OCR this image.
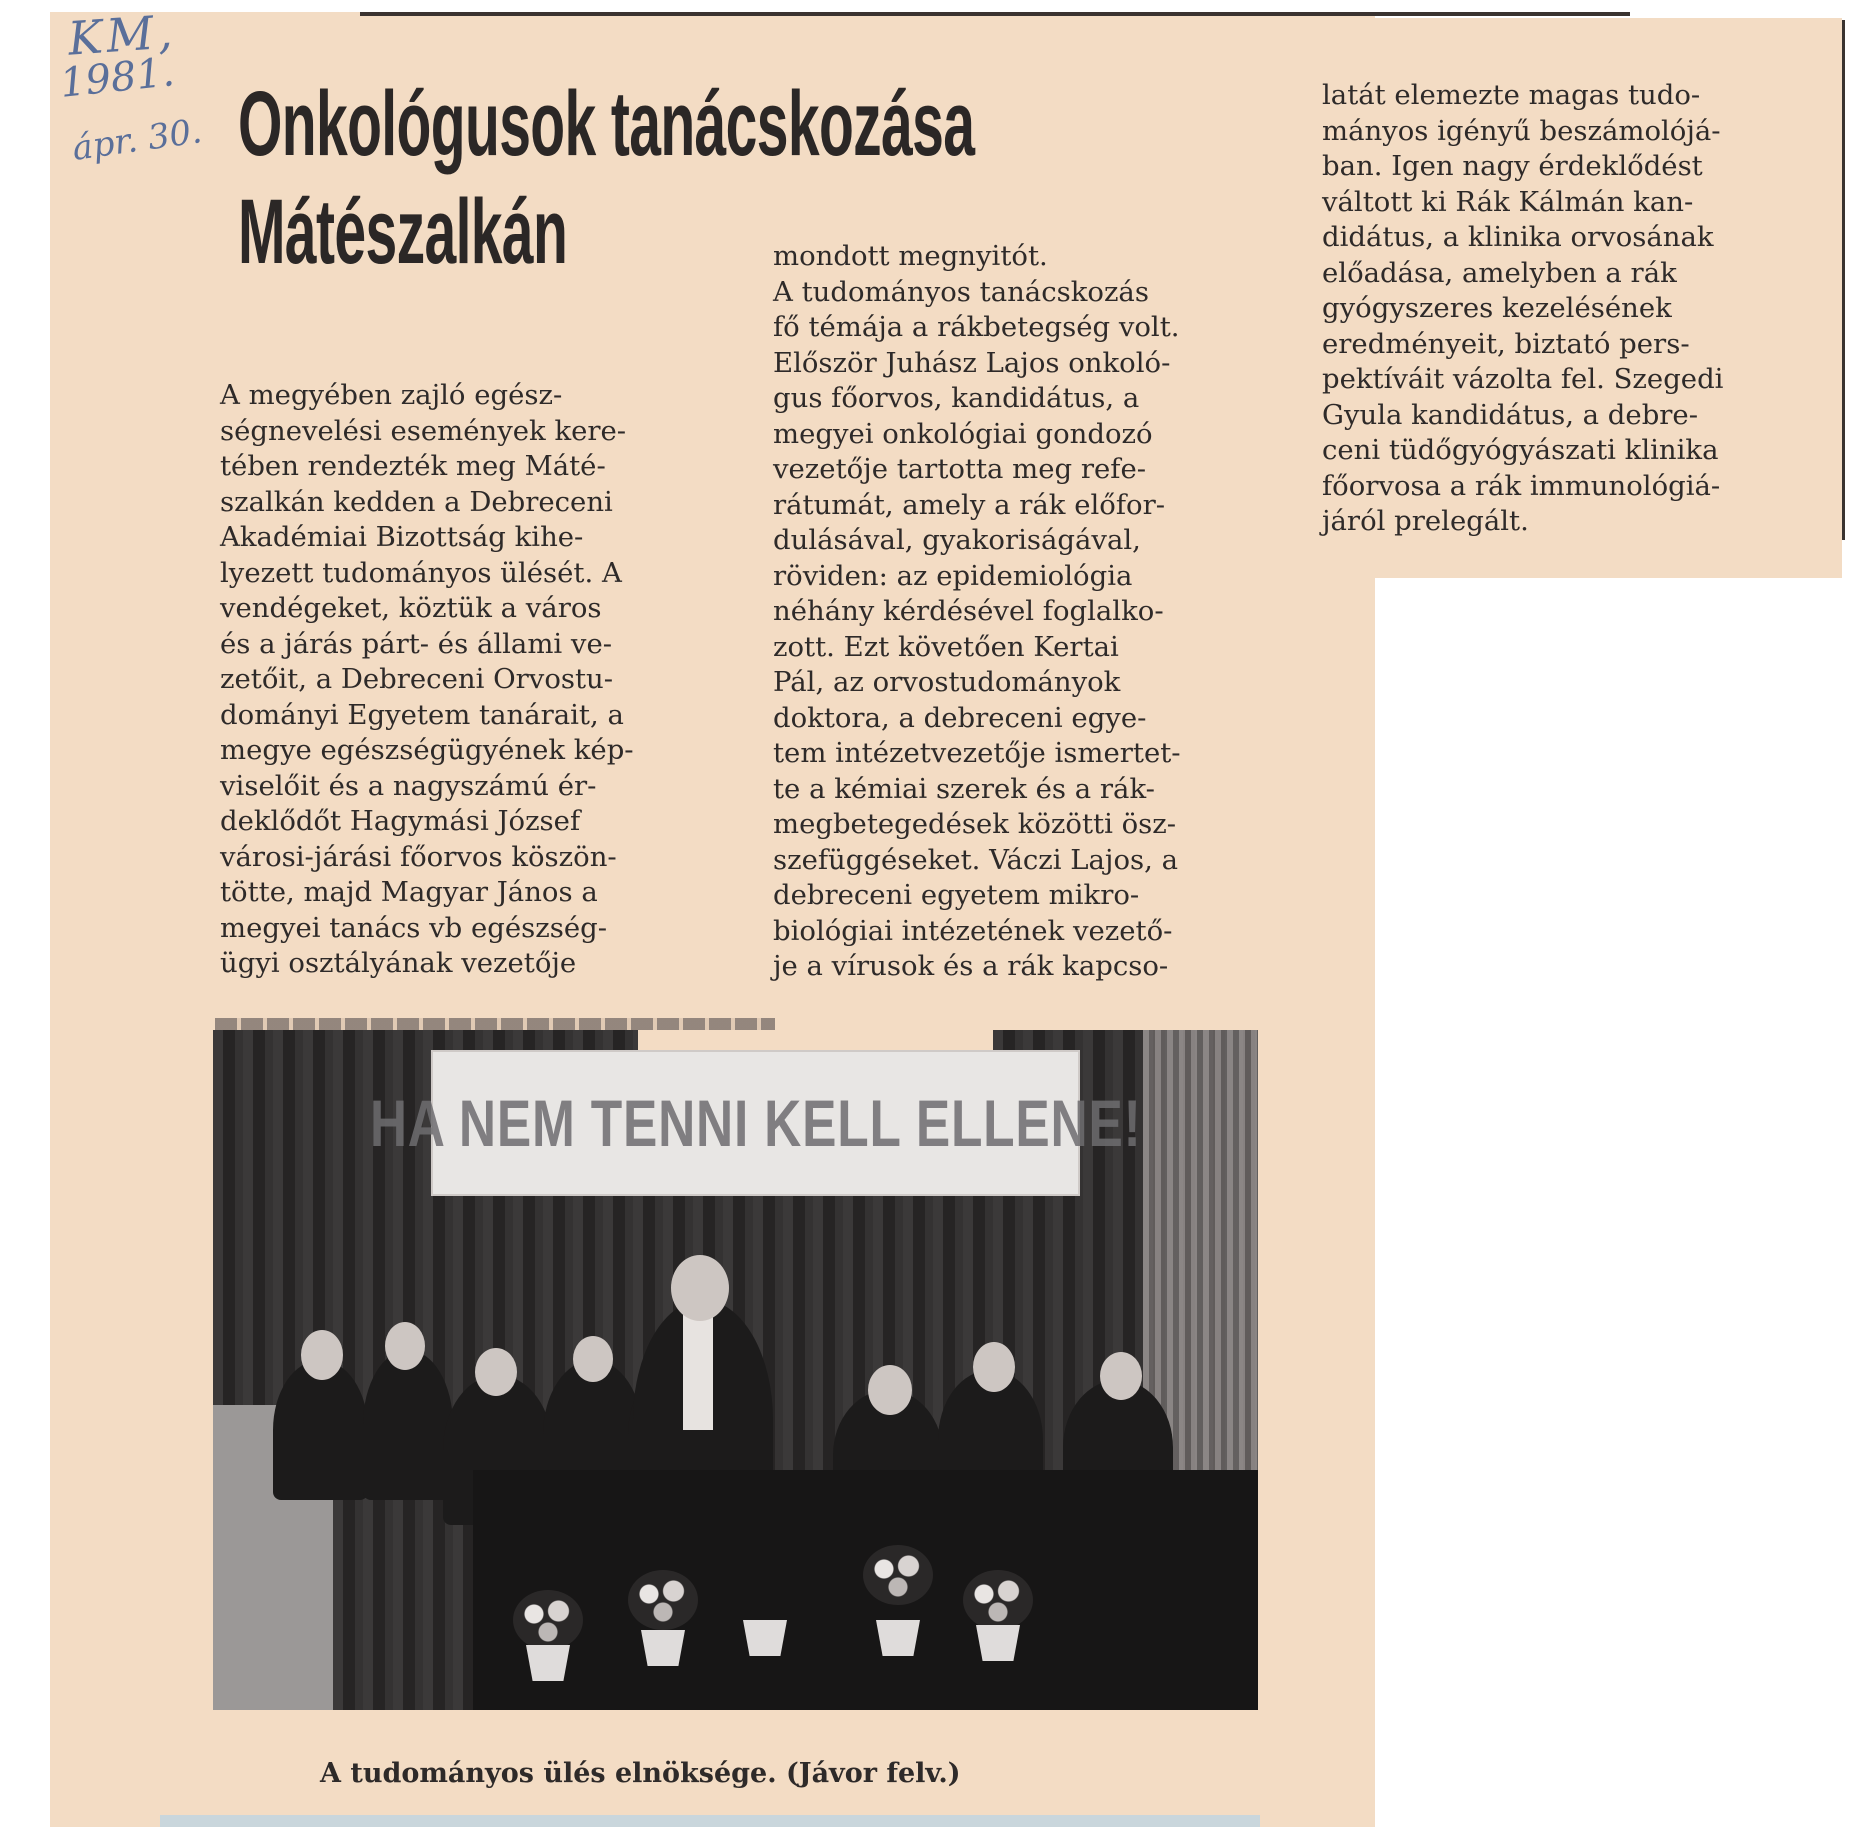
KM,
1981.
ápr. 30. Onkológusok tanácskozása
Mátészalkán
A megyében zajló egész-
ségnevelési események kere-
tében rendezték meg Máté-
szalkán kedden a Debreceni
Akadémiai Bizottság kihe-
lyezett tudományos ülését. A
vendégeket, köztük a város
és a járás párt- és állami ve-
zetőit, a Debreceni Orvostu-
dományi Egyetem tanárait, a
megye egészségügyének kép-
viselőit és a nagyszámú ér-
deklődőt Hagymási József
városi-járási főorvos köszön-
tötte, majd Magyar János a
megyei tanács vb egészség-
ügyi osztályának vezetője
mondott megnyitót.
A tudományos tanácskozás
fő témája a rákbetegség volt.
Először Juhász Lajos onkoló-
gus főorvos, kandidátus, a
megyei onkológiai gondozó
vezetője tartotta meg refe-
rátumát, amely a rák előfor-
dulásával, gyakoriságával,
röviden: az epidemiológia
néhány kérdésével foglalko-
zott. Ezt követően Kertai
Pál, az orvostudományok
doktora, a debreceni egye-
tem intézetvezetője ismertet-
te a kémiai szerek és a rák-
megbetegedések közötti ösz-
szefüggéseket. Váczi Lajos, a
debreceni egyetem mikro-
biológiai intézetének vezető-
je a vírusok és a rák kapcso-
latát elemezte magas tudo-
mányos igényű beszámolójá-
ban. Igen nagy érdeklődést
váltott ki Rák Kálmán kan-
didátus, a klinika orvosának
előadása, amelyben a rák
gyógyszeres kezelésének
eredményeit, biztató pers-
pektíváit vázolta fel. Szegedi
Gyula kandidátus, a debre-
ceni tüdőgyógyászati klinika
főorvosa a rák immunológiá-
járól prelegált.
HA NEM TENNI KELL ELLENE!
A tudományos ülés elnöksége. (Jávor felv.)
